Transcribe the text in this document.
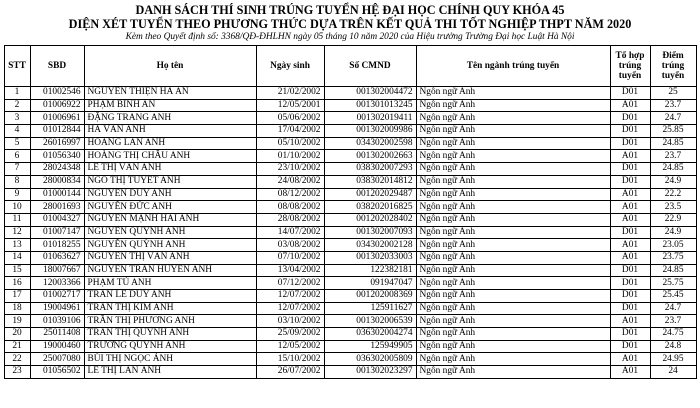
DANH SÁCH THÍ SINH TRÚNG TUYỂN HỆ ĐẠI HỌC CHÍNH QUY KHÓA 45
DIỆN XÉT TUYỂN THEO PHƯƠNG THỨC DỰA TRÊN KẾT QUẢ THI TỐT NGHIỆP THPT NĂM 2020
Kèm theo Quyết định số: 3368/QĐ-ĐHLHN ngày 05 tháng 10 năm 2020 của Hiệu trưởng Trường Đại học Luật Hà Nội
STT	SBD	Họ tên	Ngày sinh	Số CMND	Tên ngành trúng tuyển	Tổ hợp trúng tuyển	Điểm trúng tuyển
1	01002546	NGUYỄN THIỆN HÀ AN	21/02/2002	001302004472	Ngôn ngữ Anh	D01	25
2	01006922	PHẠM BÌNH AN	12/05/2001	001301013245	Ngôn ngữ Anh	A01	23.7
3	01006961	ĐẶNG TRANG ANH	05/06/2002	001302019411	Ngôn ngữ Anh	D01	24.7
4	01012844	HÀ VÂN ANH	17/04/2002	001302009986	Ngôn ngữ Anh	D01	25.85
5	26016997	HOÀNG LAN ANH	05/10/2002	034302002598	Ngôn ngữ Anh	D01	24.85
6	01056340	HOÀNG THỊ CHÂU ANH	01/10/2002	001302002663	Ngôn ngữ Anh	A01	23.7
7	28024348	LÊ THỊ VÂN ANH	23/10/2002	038302007293	Ngôn ngữ Anh	D01	24.85
8	28000834	NGÔ THỊ TUYẾT ANH	24/08/2002	038302014812	Ngôn ngữ Anh	D01	24.9
9	01000144	NGUYỄN DUY ANH	08/12/2002	001202029487	Ngôn ngữ Anh	A01	22.2
10	28001693	NGUYỄN ĐỨC ANH	08/08/2002	038202016825	Ngôn ngữ Anh	A01	23.5
11	01004327	NGUYỄN MẠNH HẢI ANH	28/08/2002	001202028402	Ngôn ngữ Anh	A01	22.9
12	01007147	NGUYỄN QUỲNH ANH	14/07/2002	001302007093	Ngôn ngữ Anh	D01	24.9
13	01018255	NGUYỄN QUỲNH ANH	03/08/2002	034302002128	Ngôn ngữ Anh	A01	23.05
14	01063627	NGUYỄN THỊ VÂN ANH	07/10/2002	001302033003	Ngôn ngữ Anh	A01	23.75
15	18007667	NGUYỄN TRẦN HUYỀN ANH	13/04/2002	122382181	Ngôn ngữ Anh	D01	24.85
16	12003366	PHẠM TÚ ANH	07/12/2002	091947047	Ngôn ngữ Anh	D01	25.75
17	01002717	TRẦN LÊ DUY ANH	12/07/2002	001202008369	Ngôn ngữ Anh	D01	25.45
18	19004961	TRẦN THỊ KIM ANH	12/07/2002	125911627	Ngôn ngữ Anh	D01	24.7
19	01039106	TRẦN THỊ PHƯƠNG ANH	03/10/2002	001302006539	Ngôn ngữ Anh	A01	23.7
20	25011408	TRẦN THỊ QUỲNH ANH	25/09/2002	036302004274	Ngôn ngữ Anh	D01	24.75
21	19000460	TRƯƠNG QUỲNH ANH	12/05/2002	125949905	Ngôn ngữ Anh	D01	24.8
22	25007080	BÙI THỊ NGỌC ÁNH	15/10/2002	036302005809	Ngôn ngữ Anh	A01	24.95
23	01056502	LÊ THỊ LAN ÁNH	26/07/2002	001302023297	Ngôn ngữ Anh	A01	24
